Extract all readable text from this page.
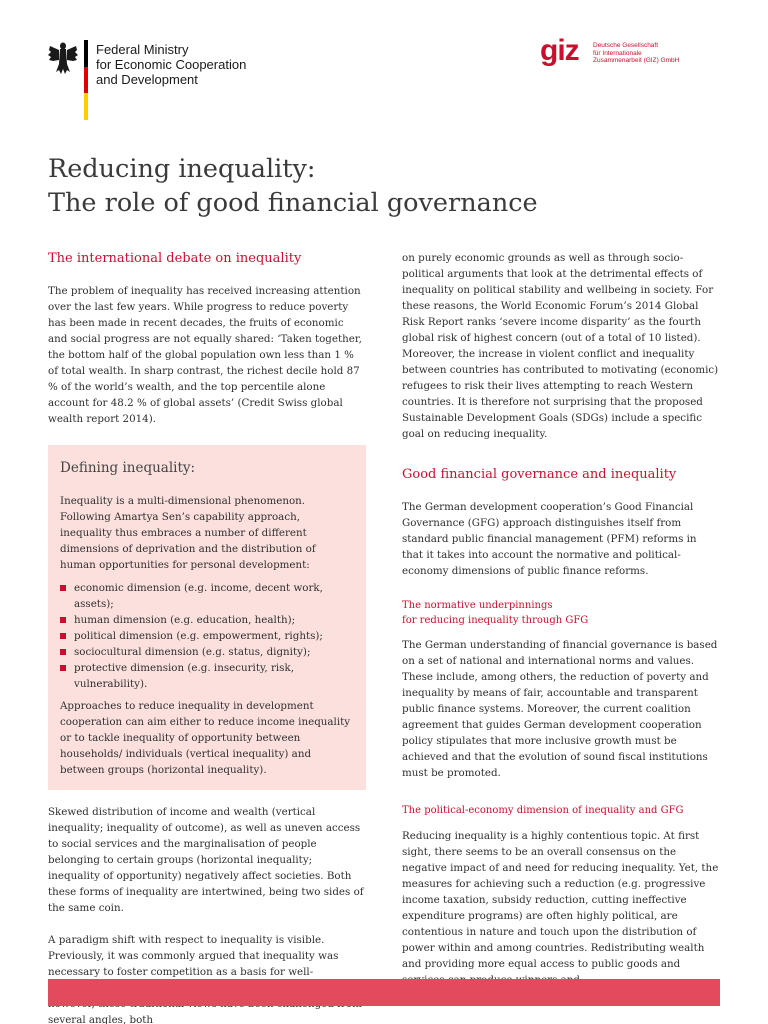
Federal Ministry
for Economic Cooperation
and Development
giz Deutsche Gesellschaft
für Internationale
Zusammenarbeit (GIZ) GmbH
Reducing inequality:
The role of good financial governance
The international debate on inequality

The problem of inequality has received increasing attention over the last few years. While progress to reduce poverty has been made in recent decades, the fruits of economic and social progress are not equally shared: ‘Taken together, the bottom half of the global population own less than 1 % of total wealth. In sharp contrast, the richest decile hold 87 % of the world’s wealth, and the top percentile alone account for 48.2 % of global assets’ (Credit Swiss global wealth report 2014).

Defining inequality:

Inequality is a multi-dimensional phenomenon. Following Amartya Sen’s capability approach, inequality thus embraces a number of different dimensions of deprivation and the distribution of human opportunities for personal development:

economic dimension (e.g. income, decent work, assets);
human dimension (e.g. education, health);
political dimension (e.g. empowerment, rights);
sociocultural dimension (e.g. status, dignity);
protective dimension (e.g. insecurity, risk, vulnerability).

Approaches to reduce inequality in development cooperation can aim either to reduce income inequality or to tackle inequality of opportunity between households/ individuals (vertical inequality) and between groups (horizontal inequality).

Skewed distribution of income and wealth (vertical inequality; inequality of outcome), as well as uneven access to social services and the marginalisation of people belonging to certain groups (horizontal inequality; inequality of opportunity) negatively affect societies. Both these forms of inequality are intertwined, being two sides of the same coin.

A paradigm shift with respect to inequality is visible. Previously, it was commonly argued that inequality was necessary to foster competition as a basis for well- several angles, both

on purely economic grounds as well as through socio-political arguments that look at the detrimental effects of inequality on political stability and wellbeing in society. For these reasons, the World Economic Forum’s 2014 Global Risk Report ranks ‘severe income disparity’ as the fourth global risk of highest concern (out of a total of 10 listed). Moreover, the increase in violent conflict and inequality between countries has contributed to motivating (economic) refugees to risk their lives attempting to reach Western countries. It is therefore not surprising that the proposed Sustainable Development Goals (SDGs) include a specific goal on reducing inequality.

Good financial governance and inequality

The German development cooperation’s Good Financial Governance (GFG) approach distinguishes itself from standard public financial management (PFM) reforms in that it takes into account the normative and political-economy dimensions of public finance reforms.

The normative underpinnings
for reducing inequality through GFG

The German understanding of financial governance is based on a set of national and international norms and values. These include, among others, the reduction of poverty and inequality by means of fair, accountable and transparent public finance systems. Moreover, the current coalition agreement that guides German development cooperation policy stipulates that more inclusive growth must be achieved and that the evolution of sound fiscal institutions must be promoted.

The political-economy dimension of inequality and GFG

Reducing inequality is a highly contentious topic. At first sight, there seems to be an overall consensus on the negative impact of and need for reducing inequality. Yet, the measures for achieving such a reduction (e.g. progressive income taxation, subsidy reduction, cutting ineffective expenditure programs) are often highly political, are contentious in nature and touch upon the distribution of power within and among countries. Redistributing wealth and providing more equal access to public goods and
